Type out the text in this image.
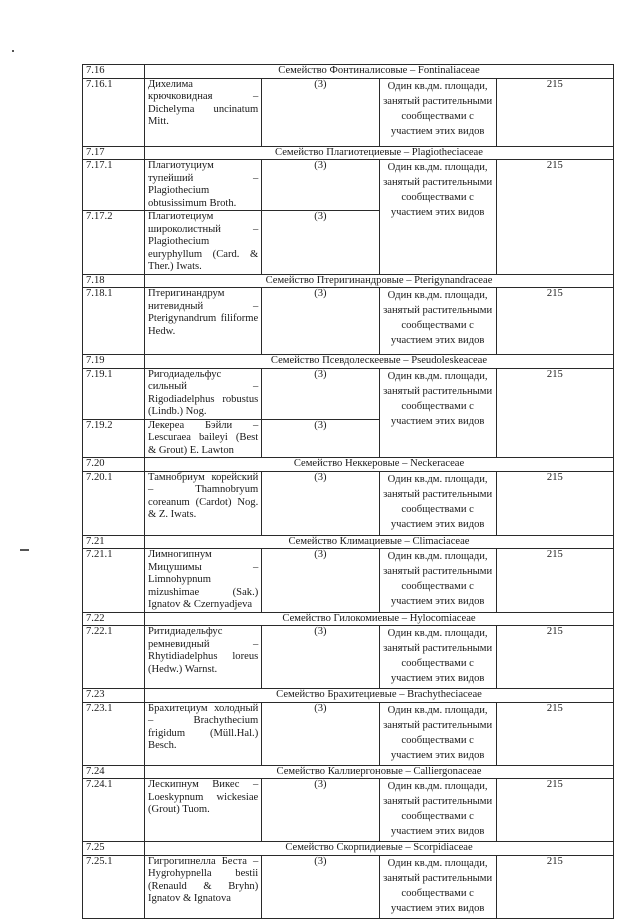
7.16	Семейство Фонтиналисовые – Fontinaliaceae			
7.16.1	Дихелима крючковидная – Dichelyma uncinatum Mitt.	(3)	Один кв.дм. площади, занятый растительными сообществами с участием этих видов	215
7.17	Семейство Плагиотециевые – Plagiotheciaceae			
7.17.1	Плагиотуциум тупейший – Plagiothecium obtusissimum Broth.	(3)	Один кв.дм. площади, занятый растительными сообществами с участием этих видов	215
7.17.2	Плагиотециум широколистный – Plagiothecium euryphyllum (Card. & Ther.) Iwats.	(3)		
7.18	Семейство Птеригинандровые – Pterigynandraceae			
7.18.1	Птеригинандрум нитевидный – Pterigynandrum filiforme Hedw.	(3)	Один кв.дм. площади, занятый растительными сообществами с участием этих видов	215
7.19	Семейство Псевдолескеевые – Pseudoleskeaceae			
7.19.1	Ригодиадельфус сильный – Rigodiadelphus robustus (Lindb.) Nog.	(3)	Один кв.дм. площади, занятый растительными сообществами с участием этих видов	215
7.19.2	Лекереа Бэйли – Lescuraea baileyi (Best & Grout) E. Lawton	(3)		
7.20	Семейство Неккеровые – Neckeraceae			
7.20.1	Тамнобриум корейский – Thamnobryum coreanum (Cardot) Nog. & Z. Iwats.	(3)	Один кв.дм. площади, занятый растительными сообществами с участием этих видов	215
7.21	Семейство Климациевые – Climaciaceae			
7.21.1	Лимногипнум Мицушимы – Limnohypnum mizushimae (Sak.) Ignatov & Czernyadjeva	(3)	Один кв.дм. площади, занятый растительными сообществами с участием этих видов	215
7.22	Семейство Гилокомиевые – Hylocomiaceae			
7.22.1	Ритидиадельфус ремневидный – Rhytidiadelphus loreus (Hedw.) Warnst.	(3)	Один кв.дм. площади, занятый растительными сообществами с участием этих видов	215
7.23	Семейство Брахитециевые – Brachytheciaceae			
7.23.1	Брахитециум холодный – Brachythecium frigidum (Müll.Hal.) Besch.	(3)	Один кв.дм. площади, занятый растительными сообществами с участием этих видов	215
7.24	Семейство Каллиергоновые – Calliergonaceae			
7.24.1	Лескипнум Викес – Loeskypnum wickesiae (Grout) Tuom.	(3)	Один кв.дм. площади, занятый растительными сообществами с участием этих видов	215
7.25	Семейство Скорпидиевые – Scorpidiaceae			
7.25.1	Гигрогипнелла Беста – Hygrohypnella bestii (Renauld & Bryhn) Ignatov & Ignatova	(3)	Один кв.дм. площади, занятый растительными сообществами с участием этих видов	215
